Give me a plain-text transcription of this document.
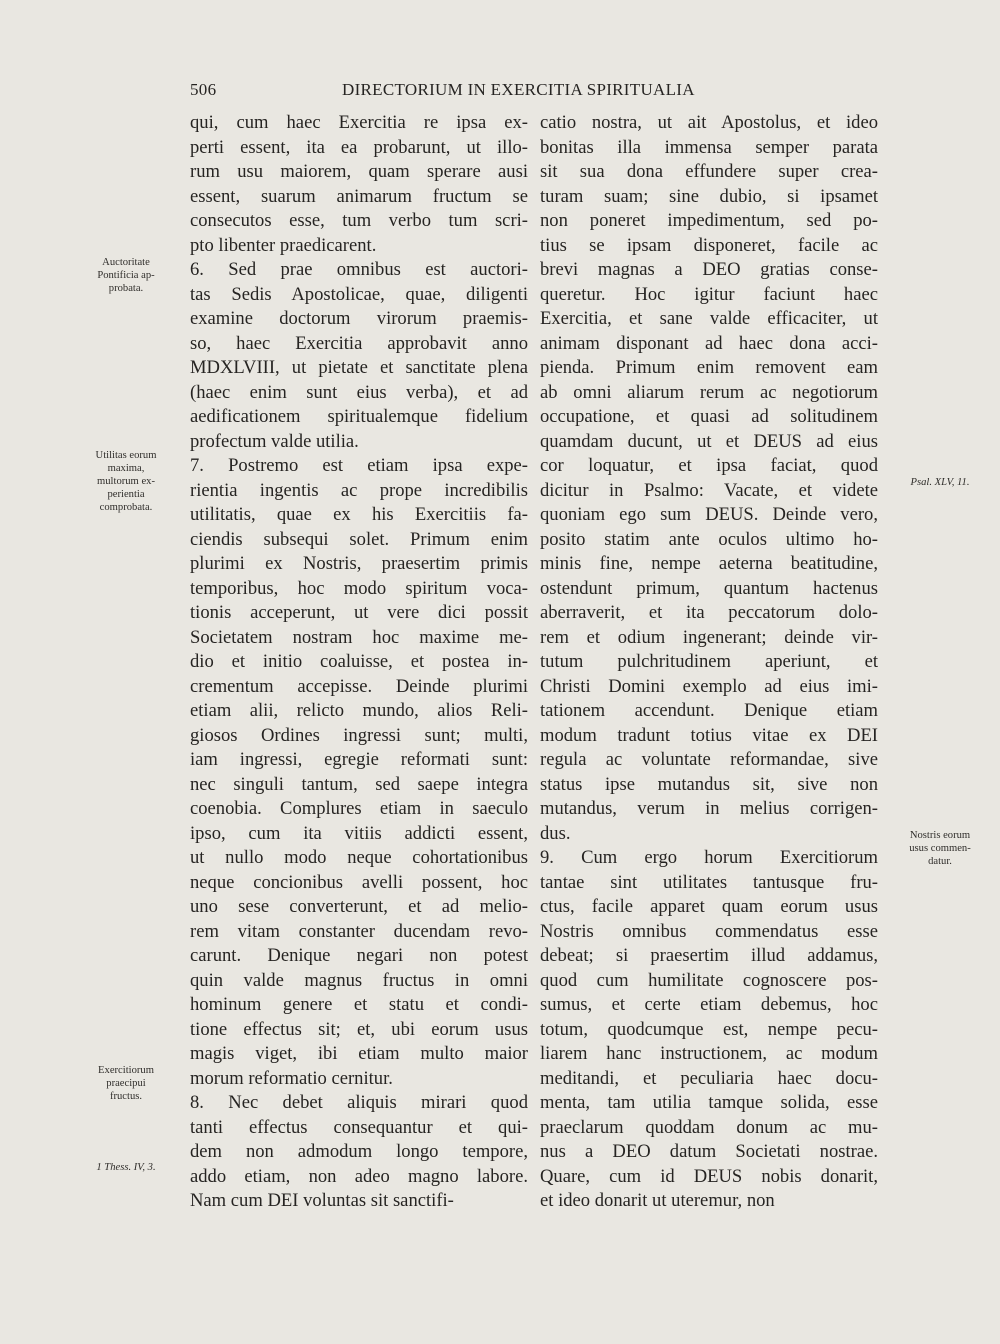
506	DIRECTORIUM IN EXERCITIA SPIRITUALIA
qui, cum haec Exercitia re ipsa ex-
perti essent, ita ea probarunt, ut illo-
rum usu maiorem, quam sperare ausi
essent, suarum animarum fructum se
consecutos esse, tum verbo tum scri-
pto libenter praedicarent.
6. Sed prae omnibus est auctori-
tas Sedis Apostolicae, quae, diligenti
examine doctorum virorum praemis-
so, haec Exercitia approbavit anno
MDXLVIII, ut pietate et sanctitate plena
(haec enim sunt eius verba), et ad
aedificationem spiritualemque fidelium
profectum valde utilia.
7. Postremo est etiam ipsa expe-
rientia ingentis ac prope incredibilis
utilitatis, quae ex his Exercitiis fa-
ciendis subsequi solet. Primum enim
plurimi ex Nostris, praesertim primis
temporibus, hoc modo spiritum voca-
tionis acceperunt, ut vere dici possit
Societatem nostram hoc maxime me-
dio et initio coaluisse, et postea in-
crementum accepisse. Deinde plurimi
etiam alii, relicto mundo, alios Reli-
giosos Ordines ingressi sunt; multi,
iam ingressi, egregie reformati sunt:
nec singuli tantum, sed saepe integra
coenobia. Complures etiam in saeculo
ipso, cum ita vitiis addicti essent,
ut nullo modo neque cohortationibus
neque concionibus avelli possent, hoc
uno sese converterunt, et ad melio-
rem vitam constanter ducendam revo-
carunt. Denique negari non potest
quin valde magnus fructus in omni
hominum genere et statu et condi-
tione effectus sit; et, ubi eorum usus
magis viget, ibi etiam multo maior
morum reformatio cernitur.
8. Nec debet aliquis mirari quod
tanti effectus consequantur et qui-
dem non admodum longo tempore,
addo etiam, non adeo magno labore.
Nam cum DEI voluntas sit sanctifi-
catio nostra, ut ait Apostolus, et ideo
bonitas illa immensa semper parata
sit sua dona effundere super crea-
turam suam; sine dubio, si ipsamet
non poneret impedimentum, sed po-
tius se ipsam disponeret, facile ac
brevi magnas a DEO gratias conse-
queretur. Hoc igitur faciunt haec
Exercitia, et sane valde efficaciter, ut
animam disponant ad haec dona acci-
pienda. Primum enim removent eam
ab omni aliarum rerum ac negotiorum
occupatione, et quasi ad solitudinem
quamdam ducunt, ut et DEUS ad eius
cor loquatur, et ipsa faciat, quod
dicitur in Psalmo: Vacate, et videte
quoniam ego sum DEUS. Deinde vero,
posito statim ante oculos ultimo ho-
minis fine, nempe aeterna beatitudine,
ostendunt primum, quantum hactenus
aberraverit, et ita peccatorum dolo-
rem et odium ingenerant; deinde vir-
tutum pulchritudinem aperiunt, et
Christi Domini exemplo ad eius imi-
tationem accendunt. Denique etiam
modum tradunt totius vitae ex DEI
regula ac voluntate reformandae, sive
status ipse mutandus sit, sive non
mutandus, verum in melius corrigen-
dus.
9. Cum ergo horum Exercitiorum
tantae sint utilitates tantusque fru-
ctus, facile apparet quam eorum usus
Nostris omnibus commendatus esse
debeat; si praesertim illud addamus,
quod cum humilitate cognoscere pos-
sumus, et certe etiam debemus, hoc
totum, quodcumque est, nempe pecu-
liarem hanc instructionem, ac modum
meditandi, et peculiaria haec docu-
menta, tam utilia tamque solida, esse
praeclarum quoddam donum ac mu-
nus a DEO datum Societati nostrae.
Quare, cum id DEUS nobis donarit,
et ideo donarit ut uteremur, non
Auctoritate
Pontificia ap-
probata.
Utilitas eorum
maxima,
multorum ex-
perientia
comprobata.
Exercitiorum
praecipui
fructus.
1 Thess. IV, 3.
Psal. XLV, 11.
Nostris eorum
usus commen-
datur.
